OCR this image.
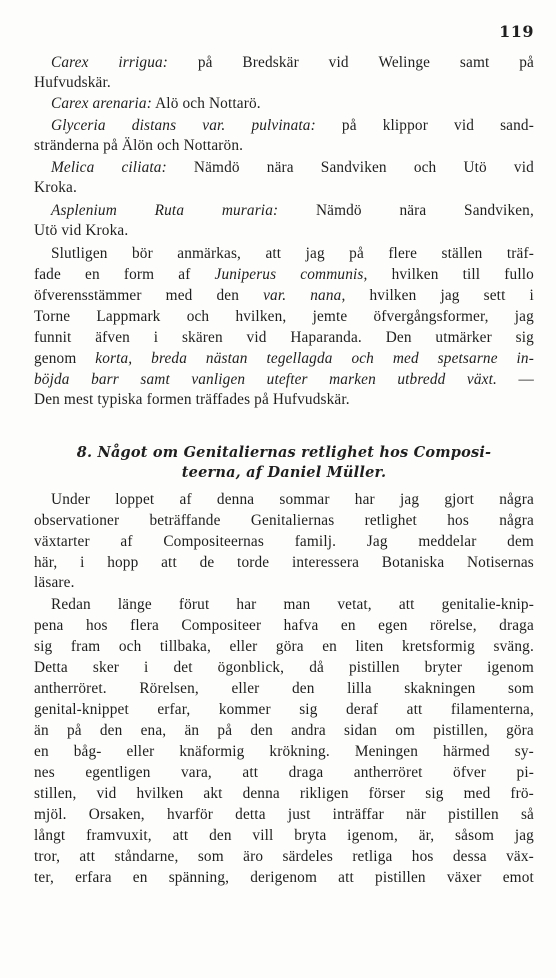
119
Carex irrigua: på Bredskär vid Welinge samt på
Hufvudskär.
Carex arenaria: Alö och Nottarö.
Glyceria distans var. pulvinata: på klippor vid sand-
stränderna på Älön och Nottarön.
Melica ciliata: Nämdö nära Sandviken och Utö vid
Kroka.
Asplenium Ruta muraria: Nämdö nära Sandviken,
Utö vid Kroka.
Slutligen bör anmärkas, att jag på flere ställen träf-
fade en form af Juniperus communis, hvilken till fullo
öfverensstämmer med den var. nana, hvilken jag sett i
Torne Lappmark och hvilken, jemte öfvergångsformer, jag
funnit äfven i skären vid Haparanda. Den utmärker sig
genom korta, breda nästan tegellagda och med spetsarne in-
böjda barr samt vanligen utefter marken utbredd växt. —
Den mest typiska formen träffades på Hufvudskär.
Under loppet af denna sommar har jag gjort några
observationer beträffande Genitaliernas retlighet hos några
växtarter af Compositeernas familj. Jag meddelar dem
här, i hopp att de torde interessera Botaniska Notisernas
läsare.
Redan länge förut har man vetat, att genitalie-knip-
pena hos flera Compositeer hafva en egen rörelse, draga
sig fram och tillbaka, eller göra en liten kretsformig sväng.
Detta sker i det ögonblick, då pistillen bryter igenom
antherröret. Rörelsen, eller den lilla skakningen som
genital-knippet erfar, kommer sig deraf att filamenterna,
än på den ena, än på den andra sidan om pistillen, göra
en båg- eller knäformig krökning. Meningen härmed sy-
nes egentligen vara, att draga antherröret öfver pi-
stillen, vid hvilken akt denna rikligen förser sig med frö-
mjöl. Orsaken, hvarför detta just inträffar när pistillen så
långt framvuxit, att den vill bryta igenom, är, såsom jag
tror, att ståndarne, som äro särdeles retliga hos dessa väx-
ter, erfara en spänning, derigenom att pistillen växer emot
8. Något om Genitaliernas retlighet hos Composi-
teerna, af Daniel Müller.
